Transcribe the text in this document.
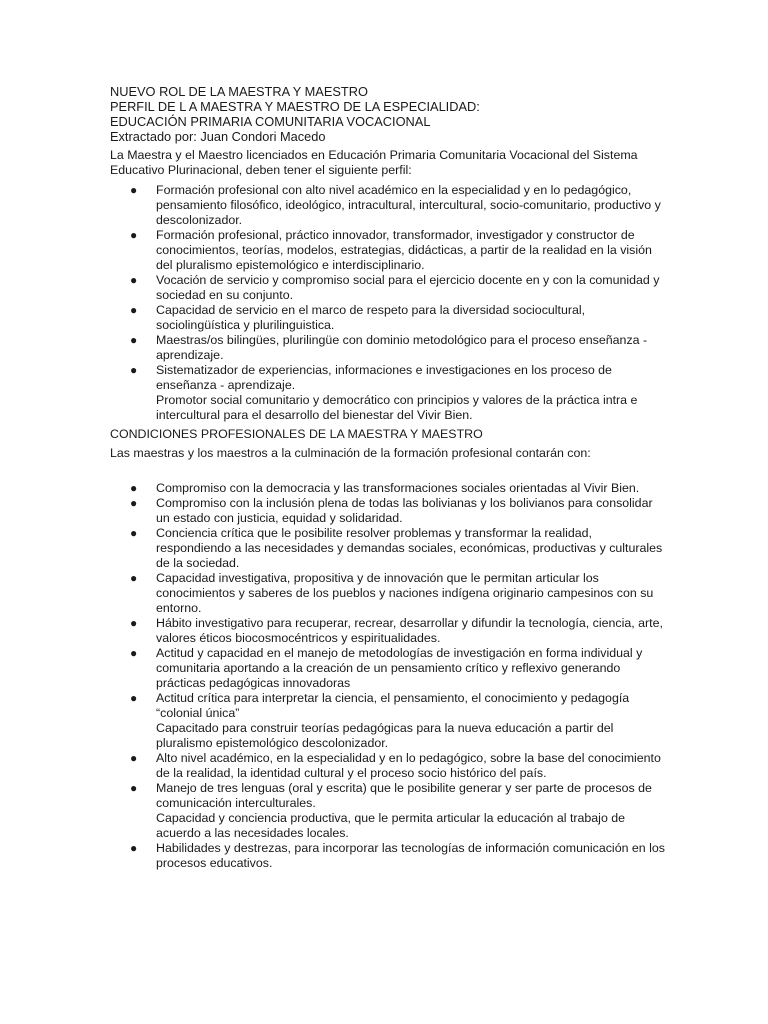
NUEVO ROL DE LA MAESTRA Y MAESTRO
PERFIL DE L A MAESTRA Y MAESTRO DE LA ESPECIALIDAD:
EDUCACIÓN PRIMARIA COMUNITARIA VOCACIONAL
Extractado por: Juan Condori Macedo

La Maestra y el Maestro licenciados en Educación Primaria Comunitaria Vocacional del Sistema Educativo Plurinacional, deben tener el siguiente perfil:

● Formación profesional con alto nivel académico en la especialidad y en lo pedagógico, pensamiento filosófico, ideológico, intracultural, intercultural, socio-comunitario, productivo y descolonizador.
● Formación profesional, práctico innovador, transformador, investigador y constructor de conocimientos, teorías, modelos, estrategias, didácticas, a partir de la realidad en la visión del pluralismo epistemológico e interdisciplinario.
● Vocación de servicio y compromiso social para el ejercicio docente en y con la comunidad y sociedad en su conjunto.
● Capacidad de servicio en el marco de respeto para la diversidad sociocultural, sociolingüística y plurilinguistica.
● Maestras/os bilingües, plurilingüe con dominio metodológico para el proceso enseñanza - aprendizaje.
● Sistematizador de experiencias, informaciones e investigaciones en los proceso de enseñanza - aprendizaje.
Promotor social comunitario y democrático con principios y valores de la práctica intra e intercultural para el desarrollo del bienestar del Vivir Bien.
CONDICIONES PROFESIONALES DE LA MAESTRA Y MAESTRO
Las maestras y los maestros a la culminación de la formación profesional contarán con:
● Compromiso con la democracia y las transformaciones sociales orientadas al Vivir Bien.
● Compromiso con la inclusión plena de todas las bolivianas y los bolivianos para consolidar un estado con justicia, equidad y solidaridad.
● Conciencia crítica que le posibilite resolver problemas y transformar la realidad, respondiendo a las necesidades y demandas sociales, económicas, productivas y culturales de la sociedad.
● Capacidad investigativa, propositiva y de innovación que le permitan articular los conocimientos y saberes de los pueblos y naciones indígena originario campesinos con su entorno.
● Hábito investigativo para recuperar, recrear, desarrollar y difundir la tecnología, ciencia, arte, valores éticos biocosmocéntricos y espiritualidades.
● Actitud y capacidad en el manejo de metodologías de investigación en forma individual y comunitaria aportando a la creación de un pensamiento crítico y reflexivo generando prácticas pedagógicas innovadoras
● Actitud crítica para interpretar la ciencia, el pensamiento, el conocimiento y pedagogía “colonial única”
Capacitado para construir teorías pedagógicas para la nueva educación a partir del pluralismo epistemológico descolonizador.
● Alto nivel académico, en la especialidad y en lo pedagógico, sobre la base del conocimiento de la realidad, la identidad cultural y el proceso socio histórico del país.
● Manejo de tres lenguas (oral y escrita) que le posibilite generar y ser parte de procesos de comunicación interculturales.
Capacidad y conciencia productiva, que le permita articular la educación al trabajo de acuerdo a las necesidades locales.
● Habilidades y destrezas, para incorporar las tecnologías de información comunicación en los procesos educativos.
